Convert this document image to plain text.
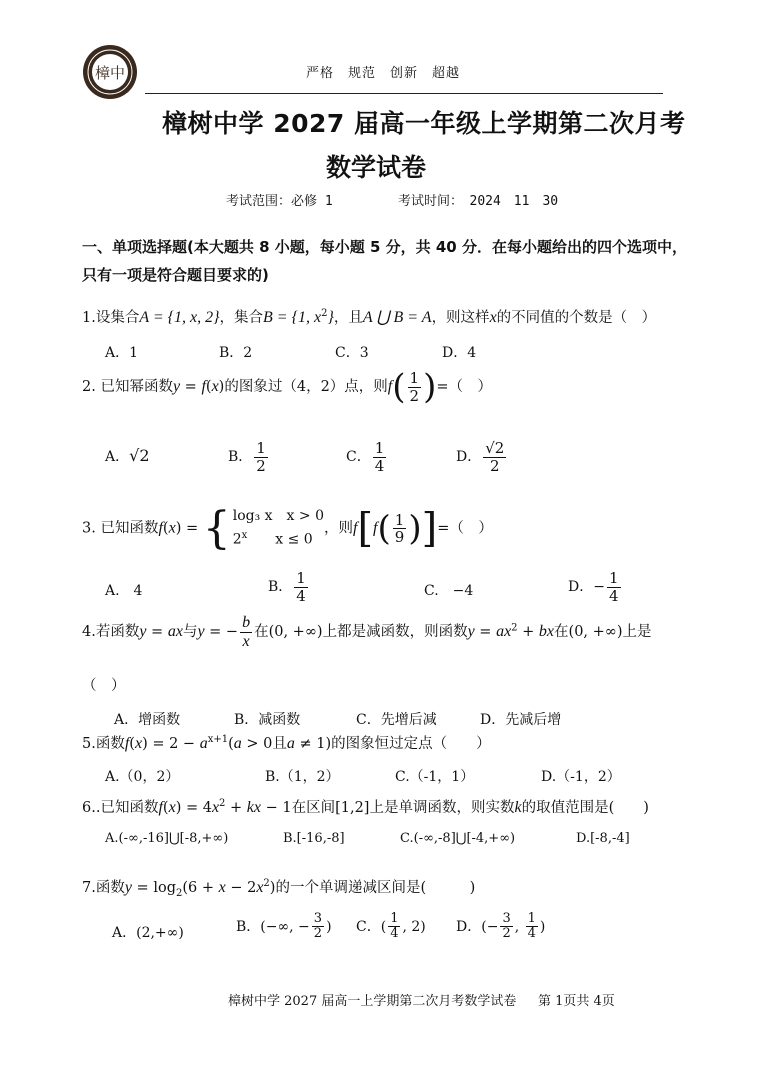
樟中	严格　规范　创新　超越
樟树中学 2027 届高一年级上学期第二次月考
数学试卷
考试范围：必修 1	考试时间：　2024　11　30
一、单项选择题(本大题共 8 小题，每小题 5 分，共 40 分．在每小题给出的四个选项中，
只有一项是符合题目要求的)
1.设集合A = {1, x, 2}，集合B = {1, $x^2$}，且A ⋃ B = A，则这样x的不同值的个数是（　）
A．1	B．2	C．3	D．4
2. 已知幂函数y = f(x)的图象过（4，2）点，则$f( \frac{1}{2}$ )=（　）
A．√2	B． $\frac{1}{2}$	C． $\frac{1}{4}$	D． $\frac{√2}{2}$
3. 已知函数f(x) = { log₃ x　x > 0
2$^x$　　x ≤ 0
，则$f[f( \frac{1}{9}$ )]=（　）
A.　4	B． $\frac{1}{4}$	C.　−4	D．− $\frac{1}{4}$
4.若函数y = ax与y = − $\frac{b}{x}$ 在(0, +∞)上都是减函数，则函数$y = ax^2$ + bx在(0, +∞)上是
（　）
A．增函数	B．减函数	C．先增后减	D．先减后增
5.函数$f(x) = 2 - a^{x+1}(a > 0$且a ≠ 1)的图象恒过定点（　　）
A.（0，2）	B.（1，2）	C.（-1，1）	D.（-1，2）
6..已知函数$f(x) = 4x^2$ + kx − 1在区间[1,2]上是单调函数，则实数k的取值范围是(　　)
A.(-∞,-16]⋃[-8,+∞)	B.[-16,-8]	C.(-∞,-8]⋃[-4,+∞)	D.[-8,-4]
7.函数$y = \log_2(6 + x - 2x^2)$的一个单调递减区间是(　　　)
A．(2,+∞)	B．(−∞, − $\frac{3}{2}$ ) C．( $\frac{1}{4}$ , 2) D．(− $\frac{3}{2}$ , $\frac{1}{4}$ )
樟树中学 2027 届高一上学期第二次月考数学试卷 第 1页共 4页
